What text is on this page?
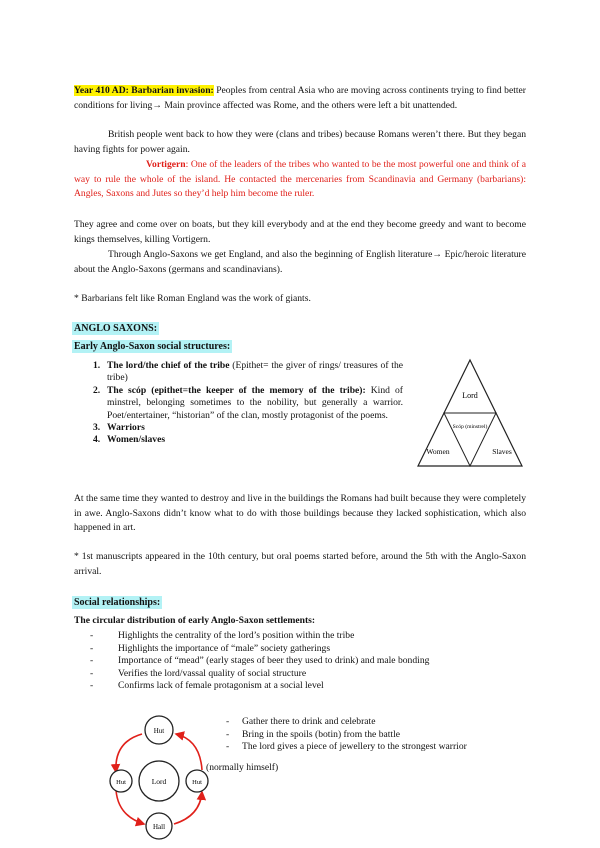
Year 410 AD: Barbarian invasion: Peoples from central Asia who are moving across continents trying to find better conditions for living→ Main province affected was Rome, and the others were left a bit unattended.
British people went back to how they were (clans and tribes) because Romans weren’t there. But they began having fights for power again.
Vortigern: One of the leaders of the tribes who wanted to be the most powerful one and think of a way to rule the whole of the island. He contacted the mercenaries from Scandinavia and Germany (barbarians): Angles, Saxons and Jutes so they’d help him become the ruler.
They agree and come over on boats, but they kill everybody and at the end they become greedy and want to become kings themselves, killing Vortigern.
Through Anglo-Saxons we get England, and also the beginning of English literature→ Epic/heroic literature about the Anglo-Saxons (germans and scandinavians).
* Barbarians felt like Roman England was the work of giants.
ANGLO SAXONS:
Early Anglo-Saxon social structures:
1. The lord/the chief of the tribe (Epithet= the giver of rings/ treasures of the tribe)
2. The scóp (epithet=the keeper of the memory of the tribe): Kind of minstrel, belonging sometimes to the nobility, but generally a warrior. Poet/entertainer, “historian” of the clan, mostly protagonist of the poems.
3. Warriors
4. Women/slaves
Lord
Scóp (minstrel)
Women	Slaves
At the same time they wanted to destroy and live in the buildings the Romans had built because they were completely in awe. Anglo-Saxons didn’t know what to do with those buildings because they lacked sophistication, which also happened in art.
* 1st manuscripts appeared in the 10th century, but oral poems started before, around the 5th with the Anglo-Saxon arrival.
Social relationships:
The circular distribution of early Anglo-Saxon settlements:
- Highlights the centrality of the lord’s position within the tribe
- Highlights the importance of “male” society gatherings
- Importance of “mead” (early stages of beer they used to drink) and male bonding
- Verifies the lord/vassal quality of social structure
- Confirms lack of female protagonism at a social level
Hut
Hut	Hut
Lord
Hall
- Gather there to drink and celebrate
- Bring in the spoils (botin) from the battle
- The lord gives a piece of jewellery to the strongest warrior
(normally himself)
